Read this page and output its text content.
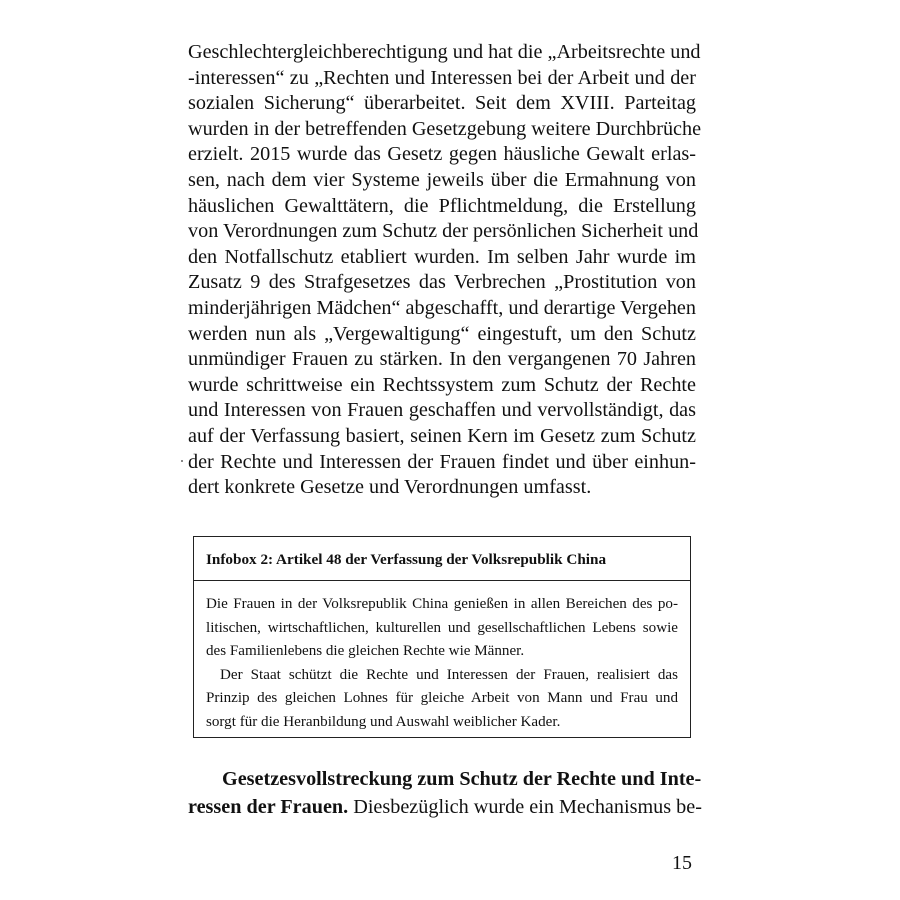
Geschlechtergleichberechtigung und hat die „Arbeitsrechte und
-interessen“ zu „Rechten und Interessen bei der Arbeit und der
sozialen Sicherung“ überarbeitet. Seit dem XVIII. Parteitag
wurden in der betreffenden Gesetzgebung weitere Durchbrüche
erzielt. 2015 wurde das Gesetz gegen häusliche Gewalt erlas-
sen, nach dem vier Systeme jeweils über die Ermahnung von
häuslichen Gewalttätern, die Pflichtmeldung, die Erstellung
von Verordnungen zum Schutz der persönlichen Sicherheit und
den Notfallschutz etabliert wurden. Im selben Jahr wurde im
Zusatz 9 des Strafgesetzes das Verbrechen „Prostitution von
minderjährigen Mädchen“ abgeschafft, und derartige Vergehen
werden nun als „Vergewaltigung“ eingestuft, um den Schutz
unmündiger Frauen zu stärken. In den vergangenen 70 Jahren
wurde schrittweise ein Rechtssystem zum Schutz der Rechte
und Interessen von Frauen geschaffen und vervollständigt, das
auf der Verfassung basiert, seinen Kern im Gesetz zum Schutz
der Rechte und Interessen der Frauen findet und über einhun-
dert konkrete Gesetze und Verordnungen umfasst.
Infobox 2: Artikel 48 der Verfassung der Volksrepublik China
Die Frauen in der Volksrepublik China genießen in allen Bereichen des po-
litischen, wirtschaftlichen, kulturellen und gesellschaftlichen Lebens sowie
des Familienlebens die gleichen Rechte wie Männer.
Der Staat schützt die Rechte und Interessen der Frauen, realisiert das
Prinzip des gleichen Lohnes für gleiche Arbeit von Mann und Frau und
sorgt für die Heranbildung und Auswahl weiblicher Kader.
Gesetzesvollstreckung zum Schutz der Rechte und Inte-
ressen der Frauen. Diesbezüglich wurde ein Mechanismus be-
15
